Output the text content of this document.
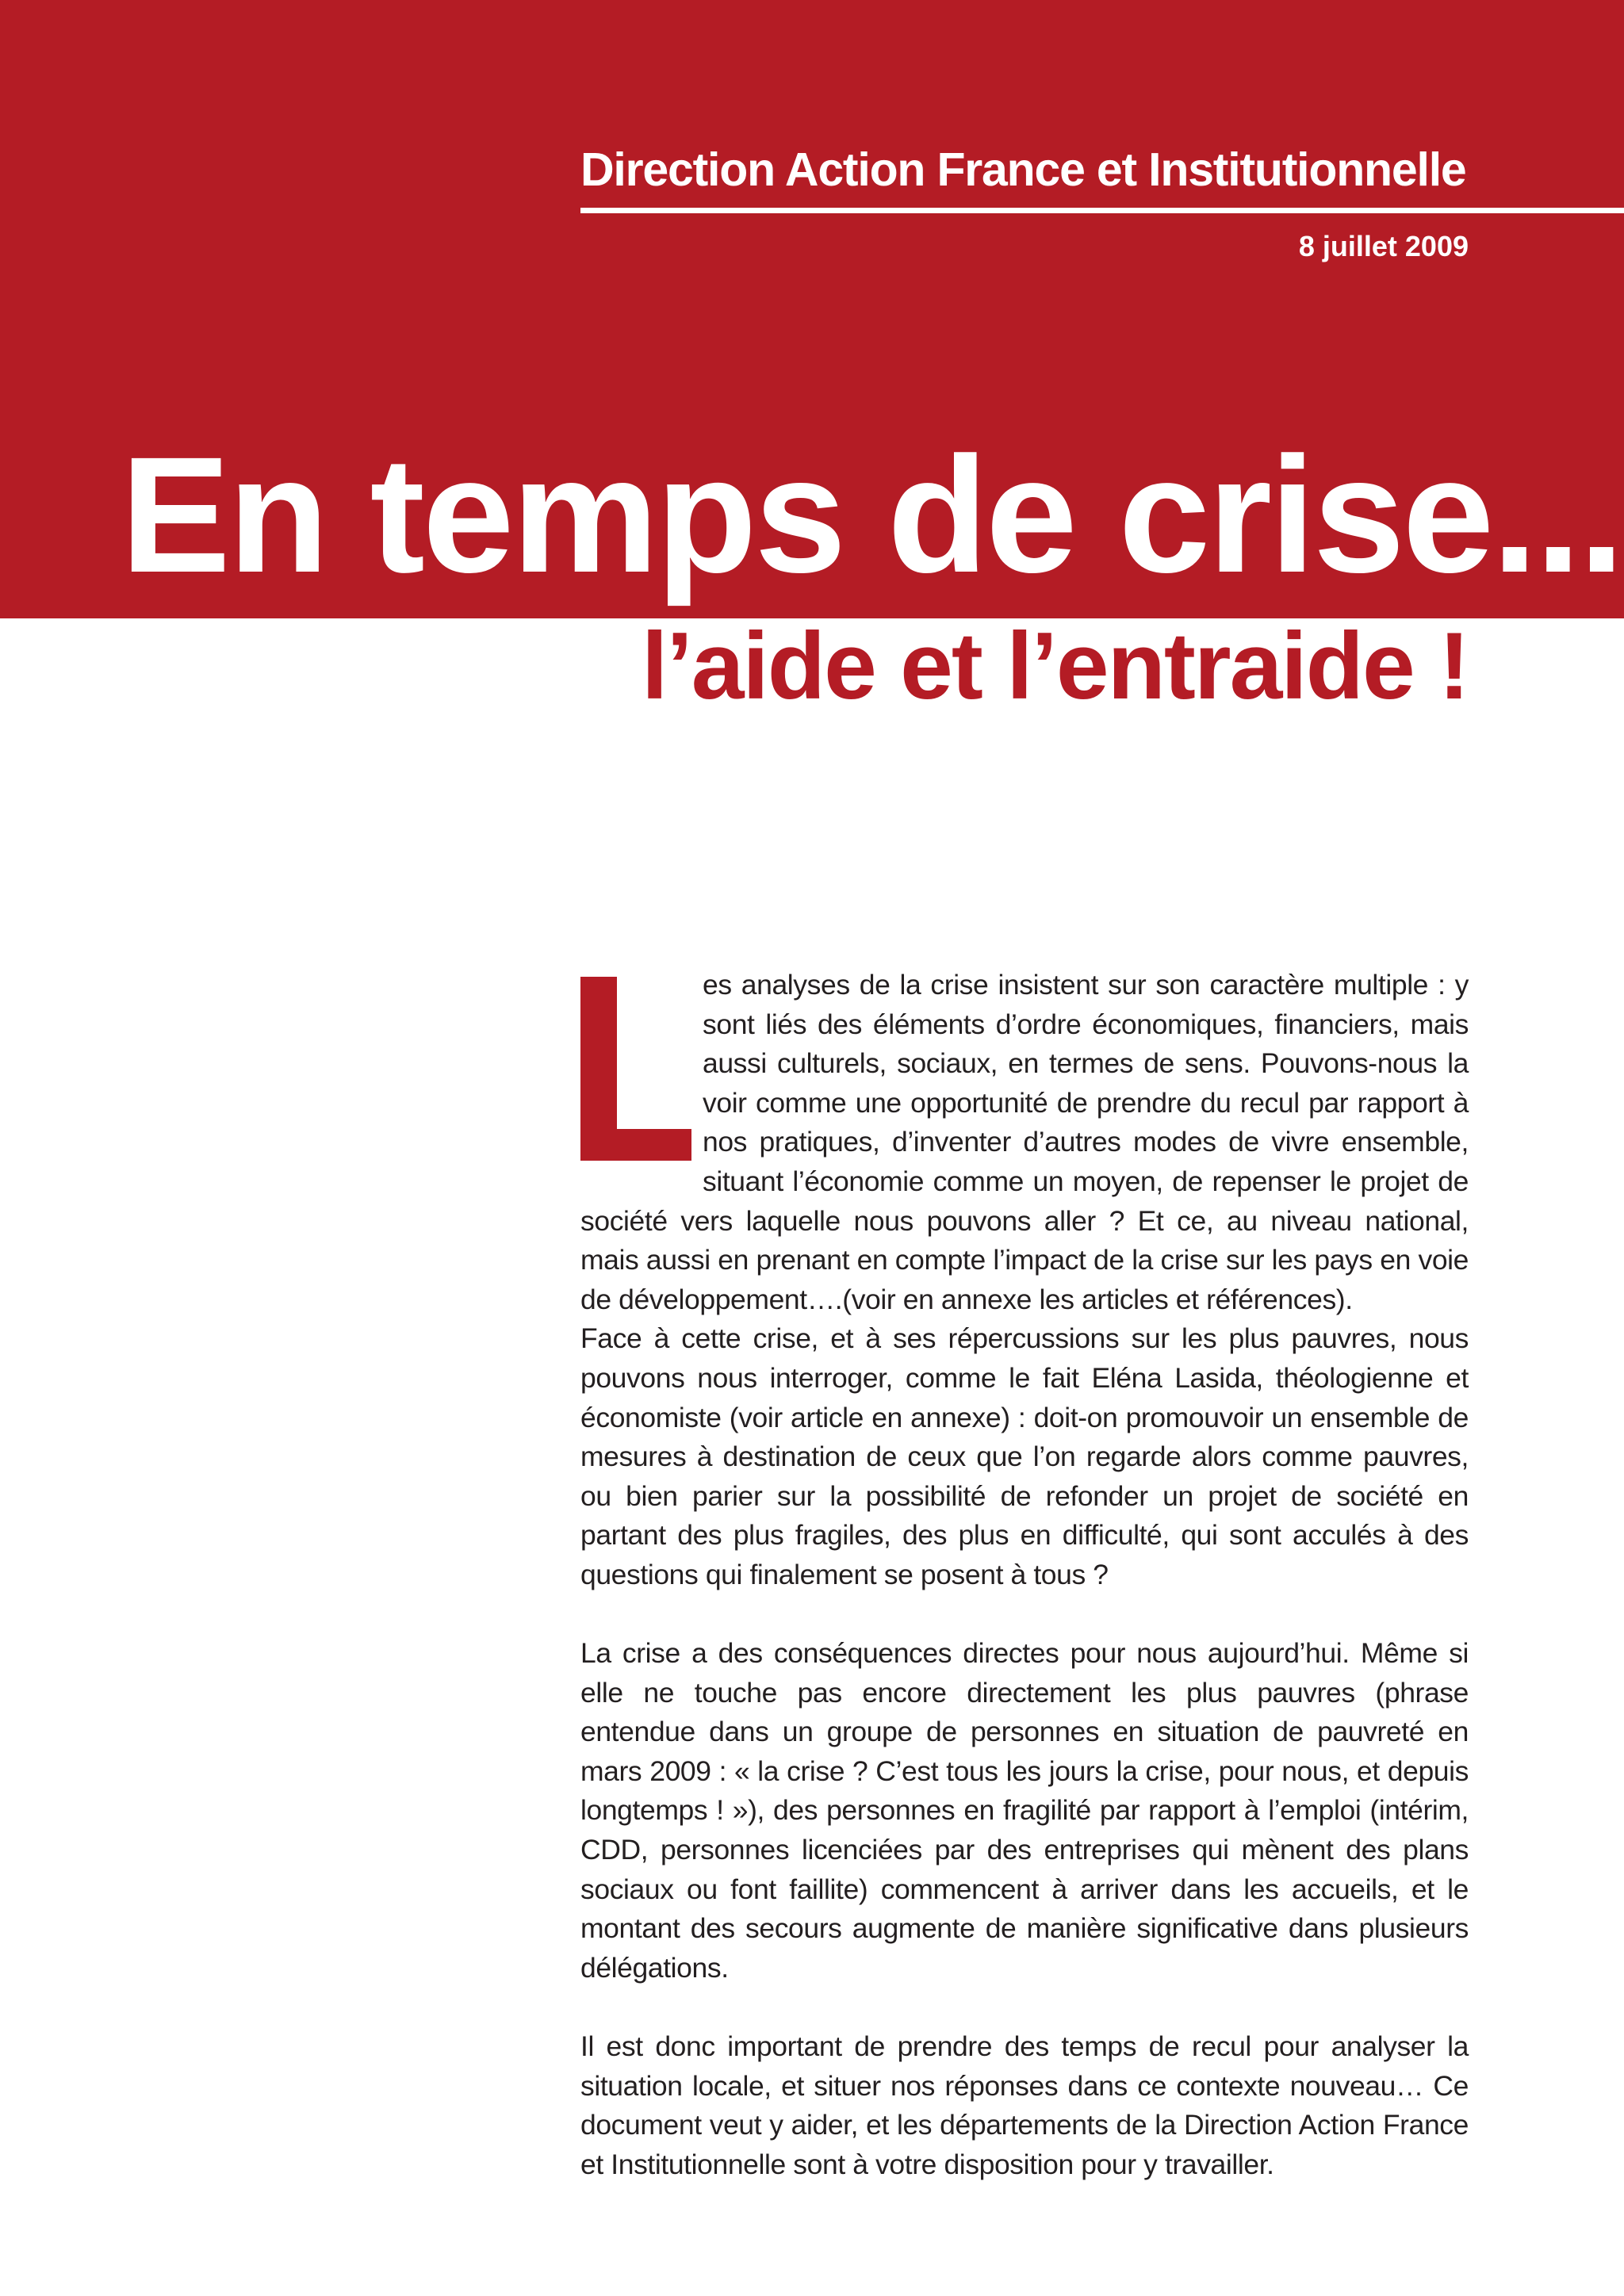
Direction Action France et Institutionnelle
8 juillet 2009
En temps de crise...
l’aide et l’entraide !

es analyses de la crise insistent sur son caractère multiple : y sont liés des éléments d’ordre économiques, financiers, mais aussi culturels, sociaux, en termes de sens. Pouvons-nous la voir comme une opportunité de prendre du recul par rapport à nos pratiques, d’inventer d’autres modes de vivre ensemble, situant l’économie comme un moyen, de repenser le projet de société vers laquelle nous pouvons aller ? Et ce, au niveau national, mais aussi en prenant en compte l’impact de la crise sur les pays en voie de développement….(voir en annexe les articles et références).

Face à cette crise, et à ses répercussions sur les plus pauvres, nous pouvons nous interroger, comme le fait Eléna Lasida, théologienne et économiste (voir article en annexe) : doit-on promouvoir un ensemble de mesures à destination de ceux que l’on regarde alors comme pauvres, ou bien parier sur la possibilité de refonder un projet de société en partant des plus fragiles, des plus en difficulté, qui sont acculés à des questions qui finalement se posent à tous ?

La crise a des conséquences directes pour nous aujourd’hui. Même si elle ne touche pas encore directement les plus pauvres (phrase entendue dans un groupe de personnes en situation de pauvreté en mars 2009 : « la crise ? C’est tous les jours la crise, pour nous, et depuis longtemps ! »), des personnes en fragilité par rapport à l’emploi (intérim, CDD, personnes licenciées par des entreprises qui mènent des plans sociaux ou font faillite) commencent à arriver dans les accueils, et le montant des secours augmente de manière significative dans plusieurs délégations.

Il est donc important de prendre des temps de recul pour analyser la situation locale, et situer nos réponses dans ce contexte nouveau… Ce document veut y aider, et les départements de la Direction Action France et Institutionnelle sont à votre disposition pour y travailler.
